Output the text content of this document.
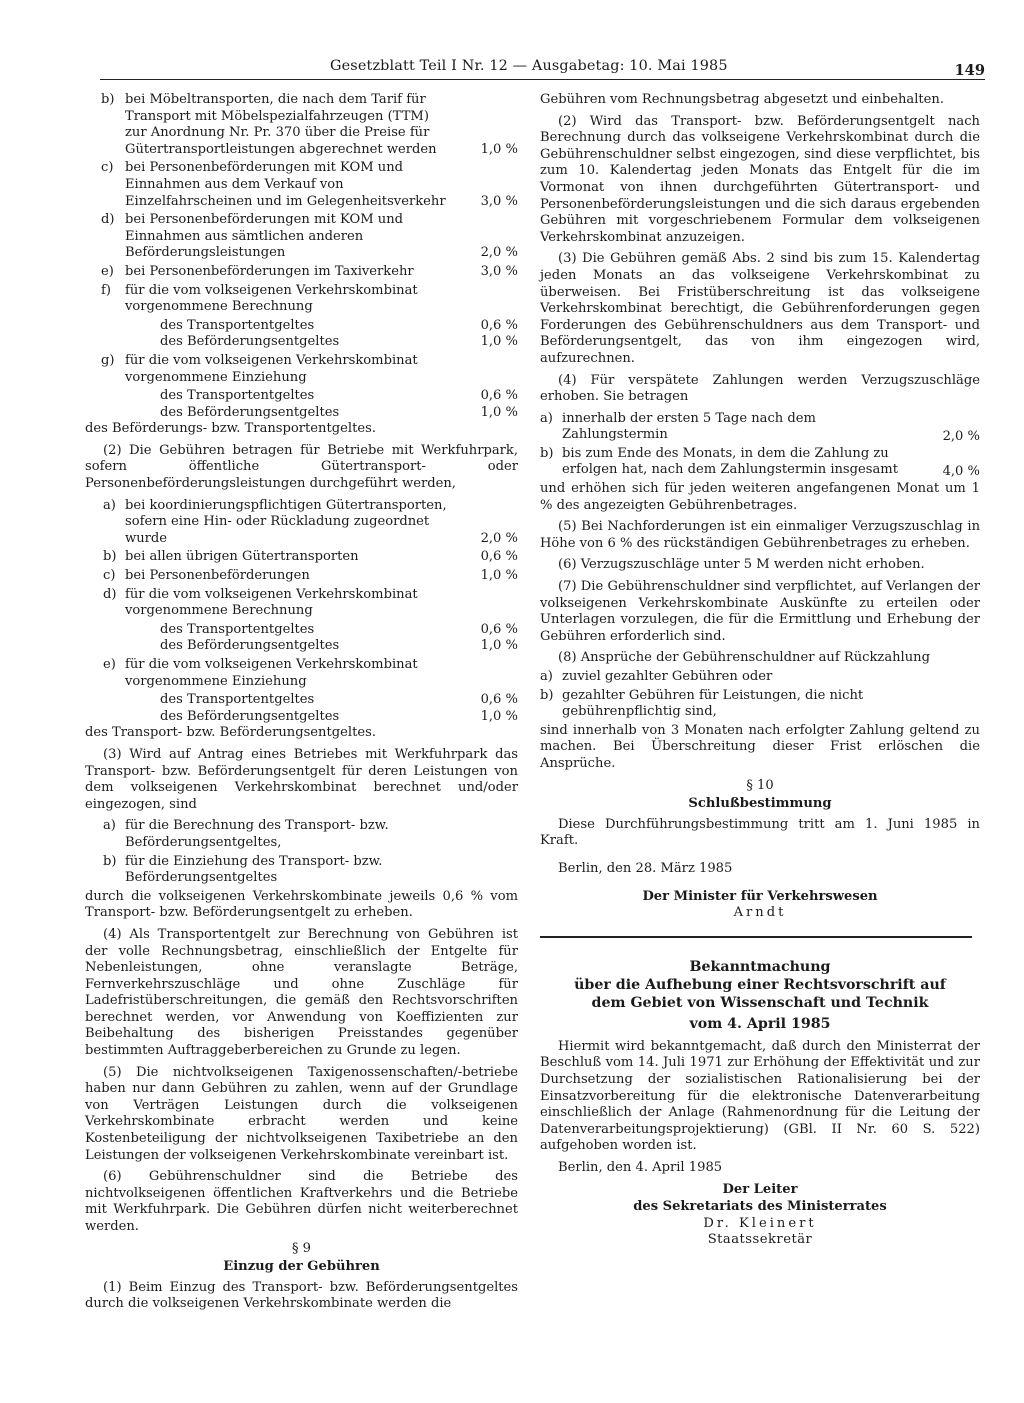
Gesetzblatt Teil I Nr. 12 — Ausgabetag: 10. Mai 1985	149
b) bei Möbeltransporten, die nach dem Tarif für Transport mit Möbelspezialfahrzeugen (TTM) zur Anordnung Nr. Pr. 370 über die Preise für Gütertransportleistungen abgerechnet werden	1,0 %
c) bei Personenbeförderungen mit KOM und Einnahmen aus dem Verkauf von Einzelfahrscheinen und im Gelegenheitsverkehr	3,0 %
d) bei Personenbeförderungen mit KOM und Einnahmen aus sämtlichen anderen Beförderungsleistungen	2,0 %
e) bei Personenbeförderungen im Taxiverkehr	3,0 %
f) für die vom volkseigenen Verkehrskombinat vorgenommene Berechnung
des Transportentgeltes	0,6 %
des Beförderungsentgeltes	1,0 %
g) für die vom volkseigenen Verkehrskombinat vorgenommene Einziehung
des Transportentgeltes	0,6 %
des Beförderungsentgeltes	1,0 %

des Beförderungs- bzw. Transportentgeltes.

(2) Die Gebühren betragen für Betriebe mit Werkfuhrpark, sofern öffentliche Gütertransport- oder Personenbeförderungsleistungen durchgeführt werden,

a) bei koordinierungspflichtigen Gütertransporten, sofern eine Hin- oder Rückladung zugeordnet wurde	2,0 %
b) bei allen übrigen Gütertransporten	0,6 %
c) bei Personenbeförderungen	1,0 %
d) für die vom volkseigenen Verkehrskombinat vorgenommene Berechnung
des Transportentgeltes	0,6 %
des Beförderungsentgeltes	1,0 %
e) für die vom volkseigenen Verkehrskombinat vorgenommene Einziehung
des Transportentgeltes	0,6 %
des Beförderungsentgeltes	1,0 %

des Transport- bzw. Beförderungsentgeltes.

(3) Wird auf Antrag eines Betriebes mit Werkfuhrpark das Transport- bzw. Beförderungsentgelt für deren Leistungen von dem volkseigenen Verkehrskombinat berechnet und/oder eingezogen, sind

a) für die Berechnung des Transport- bzw. Beförderungsentgeltes,
b) für die Einziehung des Transport- bzw. Beförderungsentgeltes

durch die volkseigenen Verkehrskombinate jeweils 0,6 % vom Transport- bzw. Beförderungsentgelt zu erheben.

(4) Als Transportentgelt zur Berechnung von Gebühren ist der volle Rechnungsbetrag, einschließlich der Entgelte für Nebenleistungen, ohne veranslagte Beträge, Fernverkehrszuschläge und ohne Zuschläge für Ladefristüberschreitungen, die gemäß den Rechtsvorschriften berechnet werden, vor Anwendung von Koeffizienten zur Beibehaltung des bisherigen Preisstandes gegenüber bestimmten Auftraggeberbereichen zu Grunde zu legen.

(5) Die nichtvolkseigenen Taxigenossenschaften/-betriebe haben nur dann Gebühren zu zahlen, wenn auf der Grundlage von Verträgen Leistungen durch die volkseigenen Verkehrskombinate erbracht werden und keine Kostenbeteiligung der nichtvolkseigenen Taxibetriebe an den Leistungen der volkseigenen Verkehrskombinate vereinbart ist.

(6) Gebührenschuldner sind die Betriebe des nichtvolkseigenen öffentlichen Kraftverkehrs und die Betriebe mit Werkfuhrpark. Die Gebühren dürfen nicht weiterberechnet werden.

§ 9

Einzug der Gebühren

(1) Beim Einzug des Transport- bzw. Beförderungsentgeltes durch die volkseigenen Verkehrskombinate werden die

Gebühren vom Rechnungsbetrag abgesetzt und einbehalten.

(2) Wird das Transport- bzw. Beförderungsentgelt nach Berechnung durch das volkseigene Verkehrskombinat durch die Gebührenschuldner selbst eingezogen, sind diese verpflichtet, bis zum 10. Kalendertag jeden Monats das Entgelt für die im Vormonat von ihnen durchgeführten Gütertransport- und Personenbeförderungsleistungen und die sich daraus ergebenden Gebühren mit vorgeschriebenem Formular dem volkseigenen Verkehrskombinat anzuzeigen.

(3) Die Gebühren gemäß Abs. 2 sind bis zum 15. Kalendertag jeden Monats an das volkseigene Verkehrskombinat zu überweisen. Bei Fristüberschreitung ist das volkseigene Verkehrskombinat berechtigt, die Gebührenforderungen gegen Forderungen des Gebührenschuldners aus dem Transport- und Beförderungsentgelt, das von ihm eingezogen wird, aufzurechnen.

(4) Für verspätete Zahlungen werden Verzugszuschläge erhoben. Sie betragen

a) innerhalb der ersten 5 Tage nach dem Zahlungstermin	2,0 %
b) bis zum Ende des Monats, in dem die Zahlung zu erfolgen hat, nach dem Zahlungstermin insgesamt	4,0 %

und erhöhen sich für jeden weiteren angefangenen Monat um 1 % des angezeigten Gebührenbetrages.

(5) Bei Nachforderungen ist ein einmaliger Verzugszuschlag in Höhe von 6 % des rückständigen Gebührenbetrages zu erheben.

(6) Verzugszuschläge unter 5 M werden nicht erhoben.

(7) Die Gebührenschuldner sind verpflichtet, auf Verlangen der volkseigenen Verkehrskombinate Auskünfte zu erteilen oder Unterlagen vorzulegen, die für die Ermittlung und Erhebung der Gebühren erforderlich sind.

(8) Ansprüche der Gebührenschuldner auf Rückzahlung

a) zuviel gezahlter Gebühren oder
b) gezahlter Gebühren für Leistungen, die nicht gebührenpflichtig sind,

sind innerhalb von 3 Monaten nach erfolgter Zahlung geltend zu machen. Bei Überschreitung dieser Frist erlöschen die Ansprüche.

§ 10

Schlußbestimmung

Diese Durchführungsbestimmung tritt am 1. Juni 1985 in Kraft.

Berlin, den 28. März 1985

Der Minister für Verkehrswesen

Arndt

Bekanntmachung

über die Aufhebung einer Rechtsvorschrift auf

dem Gebiet von Wissenschaft und Technik

vom 4. April 1985

Hiermit wird bekanntgemacht, daß durch den Ministerrat der Beschluß vom 14. Juli 1971 zur Erhöhung der Effektivität und zur Durchsetzung der sozialistischen Rationalisierung bei der Einsatzvorbereitung für die elektronische Datenverarbeitung einschließlich der Anlage (Rahmenordnung für die Leitung der Datenverarbeitungsprojektierung) (GBl. II Nr. 60 S. 522) aufgehoben worden ist.

Berlin, den 4. April 1985

Der Leiter

des Sekretariats des Ministerrates

Dr. Kleinert

Staatssekretär
